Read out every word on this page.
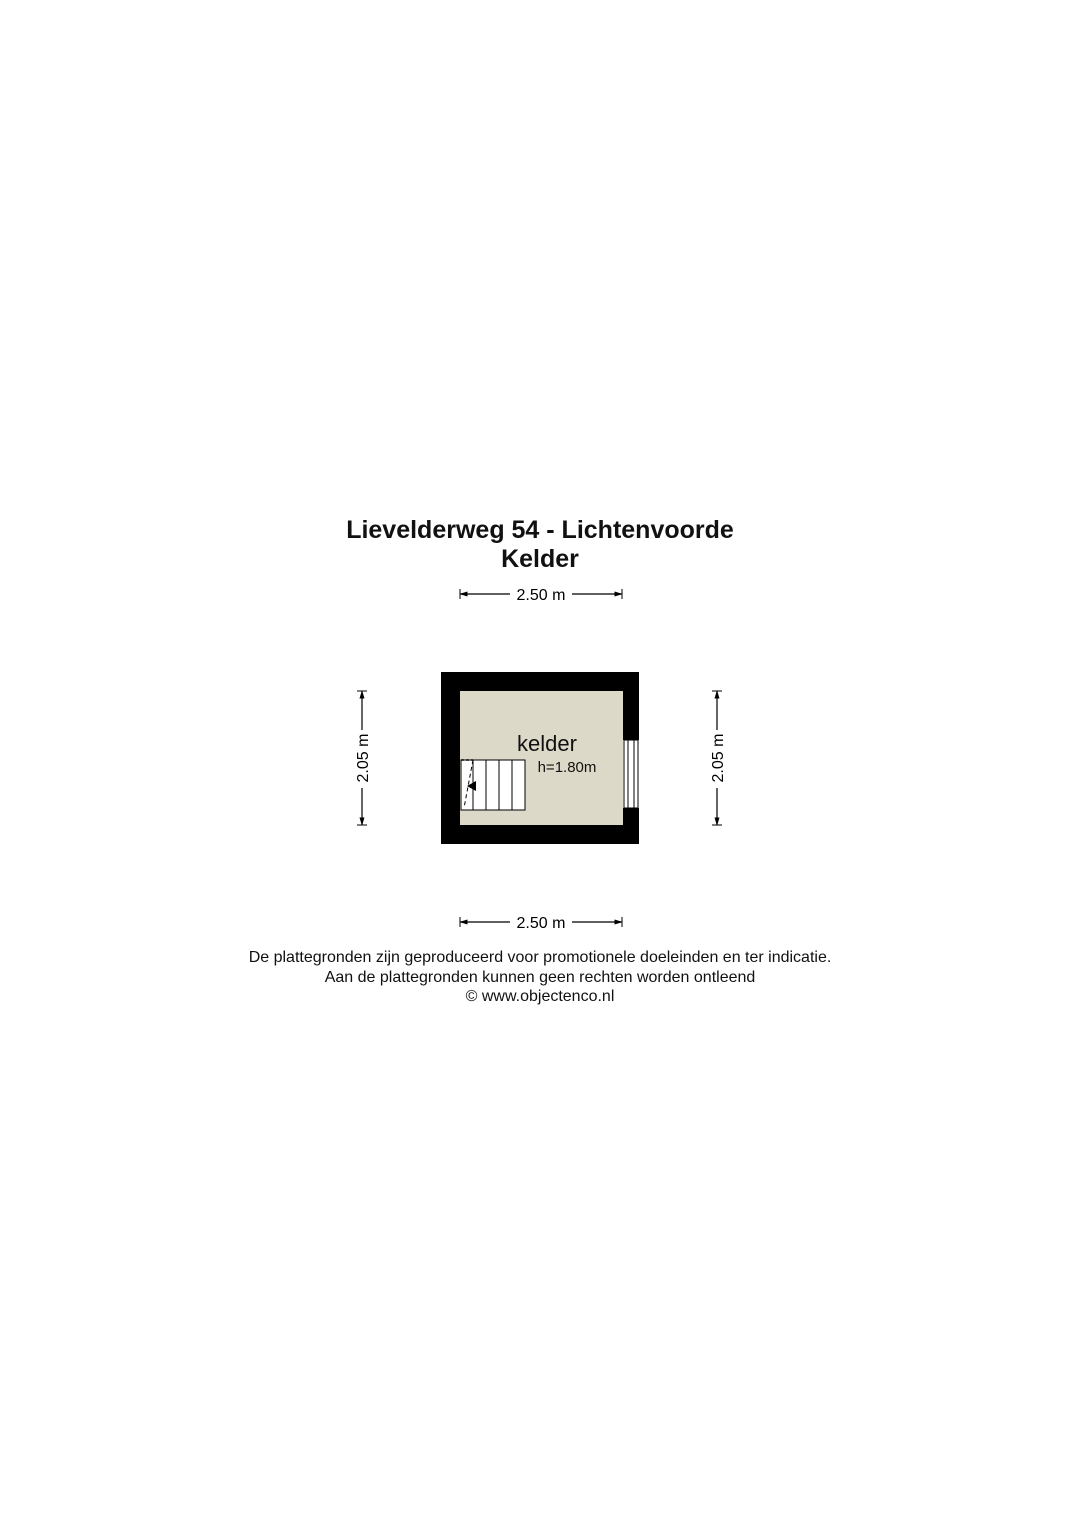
Lievelderweg 54 - Lichtenvoorde
Kelder
2.50 m
kelder
h=1.80m
2.05 m	2.05 m
2.50 m
De plattegronden zijn geproduceerd voor promotionele doeleinden en ter indicatie.
Aan de plattegronden kunnen geen rechten worden ontleend
© www.objectenco.nl
